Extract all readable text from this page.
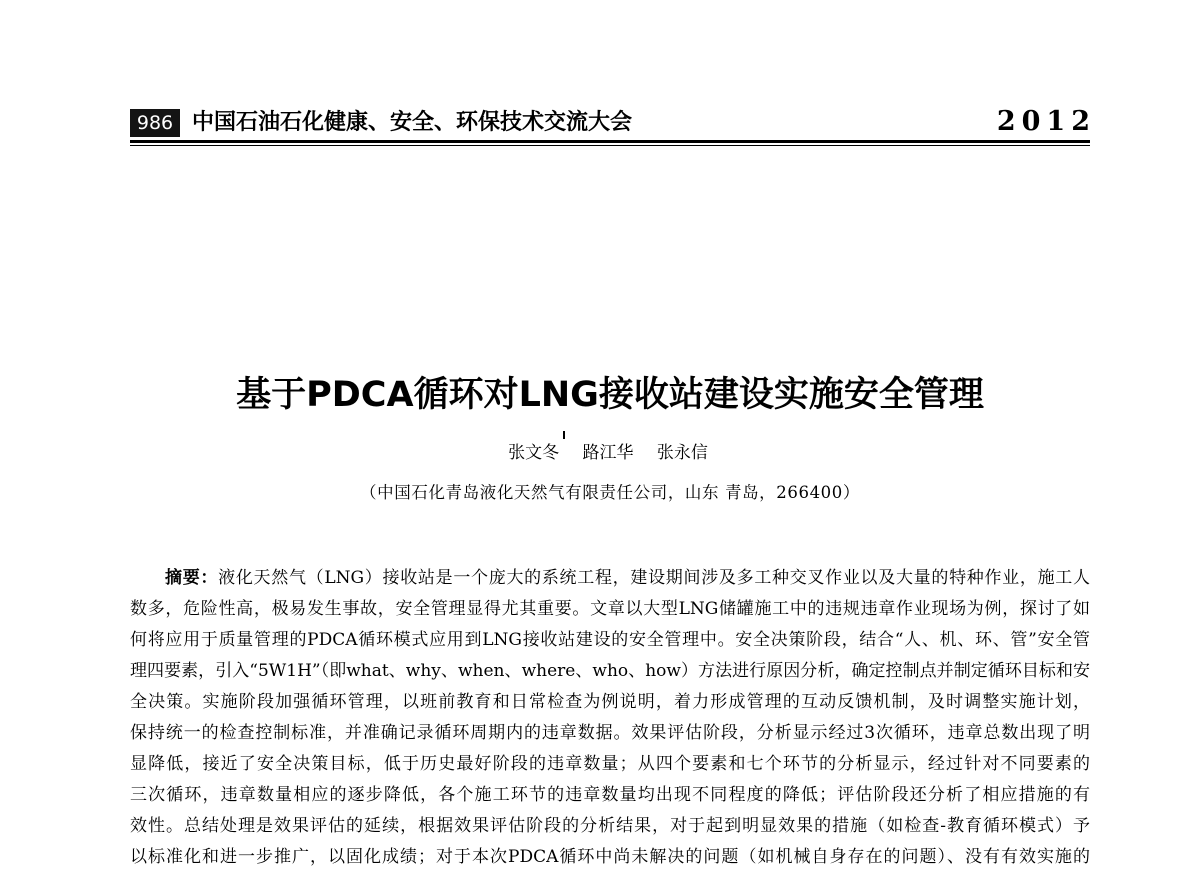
986 中国石油石化健康、安全、环保技术交流大会	2012
基于PDCA循环对LNG接收站建设实施安全管理
张文冬 路江华 张永信
（中国石化青岛液化天然气有限责任公司，山东 青岛，266400）
摘要：液化天然气（LNG）接收站是一个庞大的系统工程，建设期间涉及多工种交叉作业以及大量的特种作业，施工人
数多，危险性高，极易发生事故，安全管理显得尤其重要。文章以大型LNG储罐施工中的违规违章作业现场为例，探讨了如
何将应用于质量管理的PDCA循环模式应用到LNG接收站建设的安全管理中。安全决策阶段，结合“人、机、环、管”安全管
理四要素，引入“5W1H”（即what、why、when、where、who、how）方法进行原因分析，确定控制点并制定循环目标和安
全决策。实施阶段加强循环管理，以班前教育和日常检查为例说明，着力形成管理的互动反馈机制，及时调整实施计划，
保持统一的检查控制标准，并准确记录循环周期内的违章数据。效果评估阶段，分析显示经过3次循环，违章总数出现了明
显降低，接近了安全决策目标，低于历史最好阶段的违章数量；从四个要素和七个环节的分析显示，经过针对不同要素的
三次循环，违章数量相应的逐步降低，各个施工环节的违章数量均出现不同程度的降低；评估阶段还分析了相应措施的有
效性。总结处理是效果评估的延续，根据效果评估阶段的分析结果，对于起到明显效果的措施（如检查-教育循环模式）予
以标准化和进一步推广，以固化成绩；对于本次PDCA循环中尚未解决的问题（如机械自身存在的问题）、没有有效实施的
